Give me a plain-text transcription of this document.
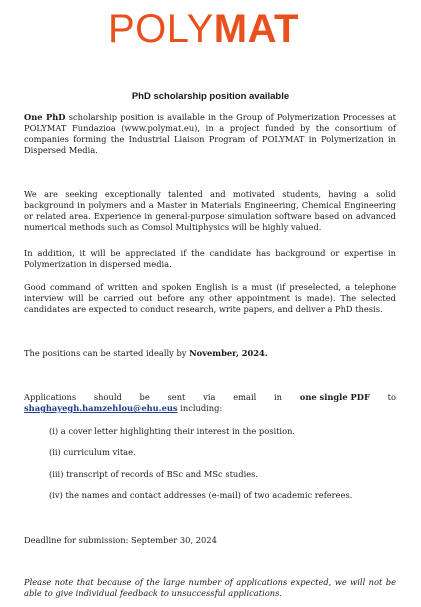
POLYMAT
PhD scholarship position available

One PhD scholarship position is available in the Group of Polymerization Processes at POLYMAT Fundazioa (www.polymat.eu), in a project funded by the consortium of companies forming the Industrial Liaison Program of POLYMAT in Polymerization in Dispersed Media.

We are seeking exceptionally talented and motivated students, having a solid background in polymers and a Master in Materials Engineering, Chemical Engineering or related area. Experience in general-purpose simulation software based on advanced numerical methods such as Comsol Multiphysics will be highly valued.

In addition, it will be appreciated if the candidate has background or expertise in Polymerization in dispersed media.

Good command of written and spoken English is a must (if preselected, a telephone interview will be carried out before any other appointment is made). The selected candidates are expected to conduct research, write papers, and deliver a PhD thesis.

The positions can be started ideally by November, 2024.

Applications should be sent via email in one single PDF to
shaghayegh.hamzehlou@ehu.eus including:
(i) a cover letter highlighting their interest in the position.
(ii) curriculum vitae.
(iii) transcript of records of BSc and MSc studies.
(iv) the names and contact addresses (e-mail) of two academic referees.

Deadline for submission: September 30, 2024

Please note that because of the large number of applications expected, we will not be able to give individual feedback to unsuccessful applications.
